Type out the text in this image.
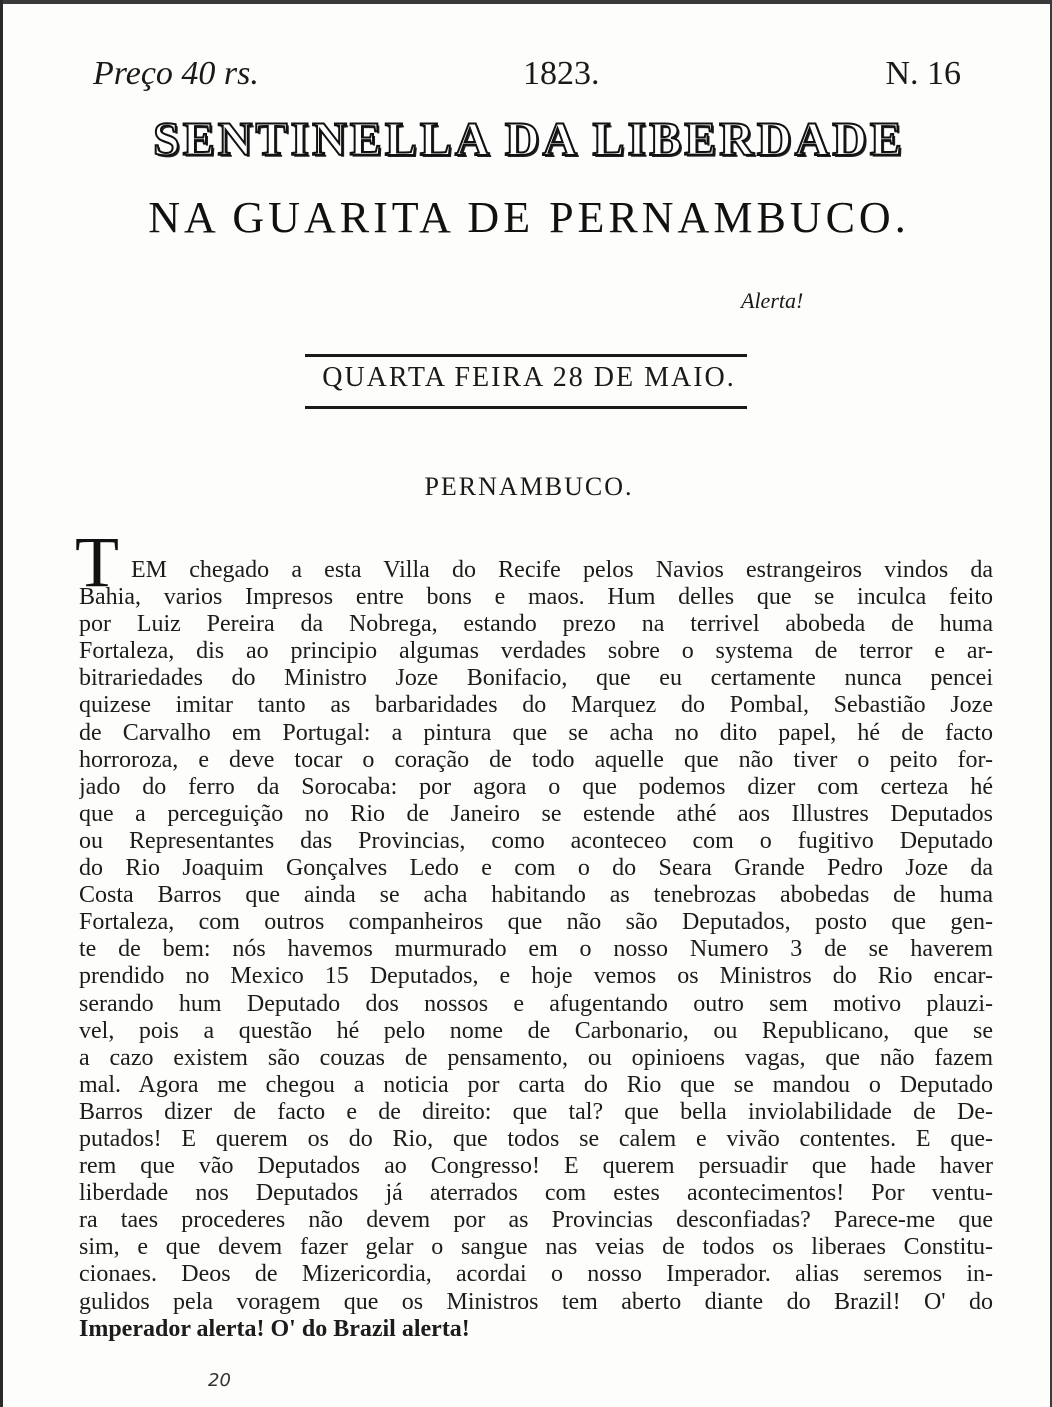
Preço 40 rs.	1823.	N. 16
SENTINELLA DA LIBERDADE
NA GUARITA DE PERNAMBUCO.
Alerta!
QUARTA FEIRA 28 DE MAIO.
PERNAMBUCO.
T EM chegado a esta Villa do Recife pelos Navios estrangeiros vindos da
Bahia, varios Impresos entre bons e maos. Hum delles que se inculca feito
por Luiz Pereira da Nobrega, estando prezo na terrivel abobeda de huma
Fortaleza, dis ao principio algumas verdades sobre o systema de terror e ar-
bitrariedades do Ministro Joze Bonifacio, que eu certamente nunca pencei
quizese imitar tanto as barbaridades do Marquez do Pombal, Sebastião Joze
de Carvalho em Portugal: a pintura que se acha no dito papel, hé de facto
horroroza, e deve tocar o coração de todo aquelle que não tiver o peito for-
jado do ferro da Sorocaba: por agora o que podemos dizer com certeza hé
que a perceguição no Rio de Janeiro se estende athé aos Illustres Deputados
ou Representantes das Provincias, como aconteceo com o fugitivo Deputado
do Rio Joaquim Gonçalves Ledo e com o do Seara Grande Pedro Joze da
Costa Barros que ainda se acha habitando as tenebrozas abobedas de huma
Fortaleza, com outros companheiros que não são Deputados, posto que gen-
te de bem: nós havemos murmurado em o nosso Numero 3 de se haverem
prendido no Mexico 15 Deputados, e hoje vemos os Ministros do Rio encar-
serando hum Deputado dos nossos e afugentando outro sem motivo plauzi-
vel, pois a questão hé pelo nome de Carbonario, ou Republicano, que se
a cazo existem são couzas de pensamento, ou opinioens vagas, que não fazem
mal. Agora me chegou a noticia por carta do Rio que se mandou o Deputado
Barros dizer de facto e de direito: que tal? que bella inviolabilidade de De-
putados! E querem os do Rio, que todos se calem e vivão contentes. E que-
rem que vão Deputados ao Congresso! E querem persuadir que hade haver
liberdade nos Deputados já aterrados com estes acontecimentos! Por ventu-
ra taes procederes não devem por as Provincias desconfiadas? Parece-me que
sim, e que devem fazer gelar o sangue nas veias de todos os liberaes Constitu-
cionaes. Deos de Mizericordia, acordai o nosso Imperador. alias seremos in-
gulidos pela voragem que os Ministros tem aberto diante do Brazil! O' do
Imperador alerta! O' do Brazil alerta!
20
